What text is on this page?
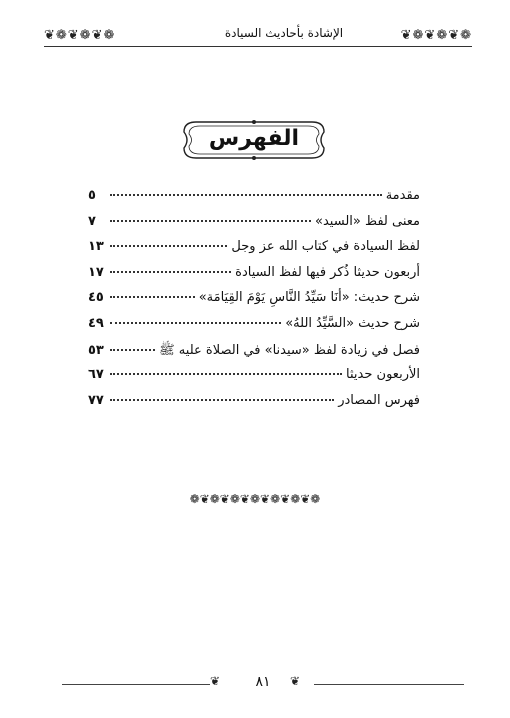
❦❁❦❁❦❁
الإشادة بأحاديث السيادة
❦❁❦❁❦❁
الفهرس
مقدمة
٥
معنى لفظ «السيد»
٧
لفظ السيادة في كتاب الله عز وجل
١٣
أربعون حديثا ذُكر فيها لفظ السيادة
١٧
شرح حديث: «أنَا سَيِّدُ النَّاسِ يَوْمَ القِيَامَة»
٤٥
شرح حديث «السَّيِّدُ اللهُ»
٤٩
فصل في زيادة لفظ «سيدنا» في الصلاة عليه ﷺ
٥٣
الأربعون حديثا
٦٧
فهرس المصادر
٧٧
❁❦❁❦❁❦❁❦❁❦❁❦❁
❦	٨١	❦
